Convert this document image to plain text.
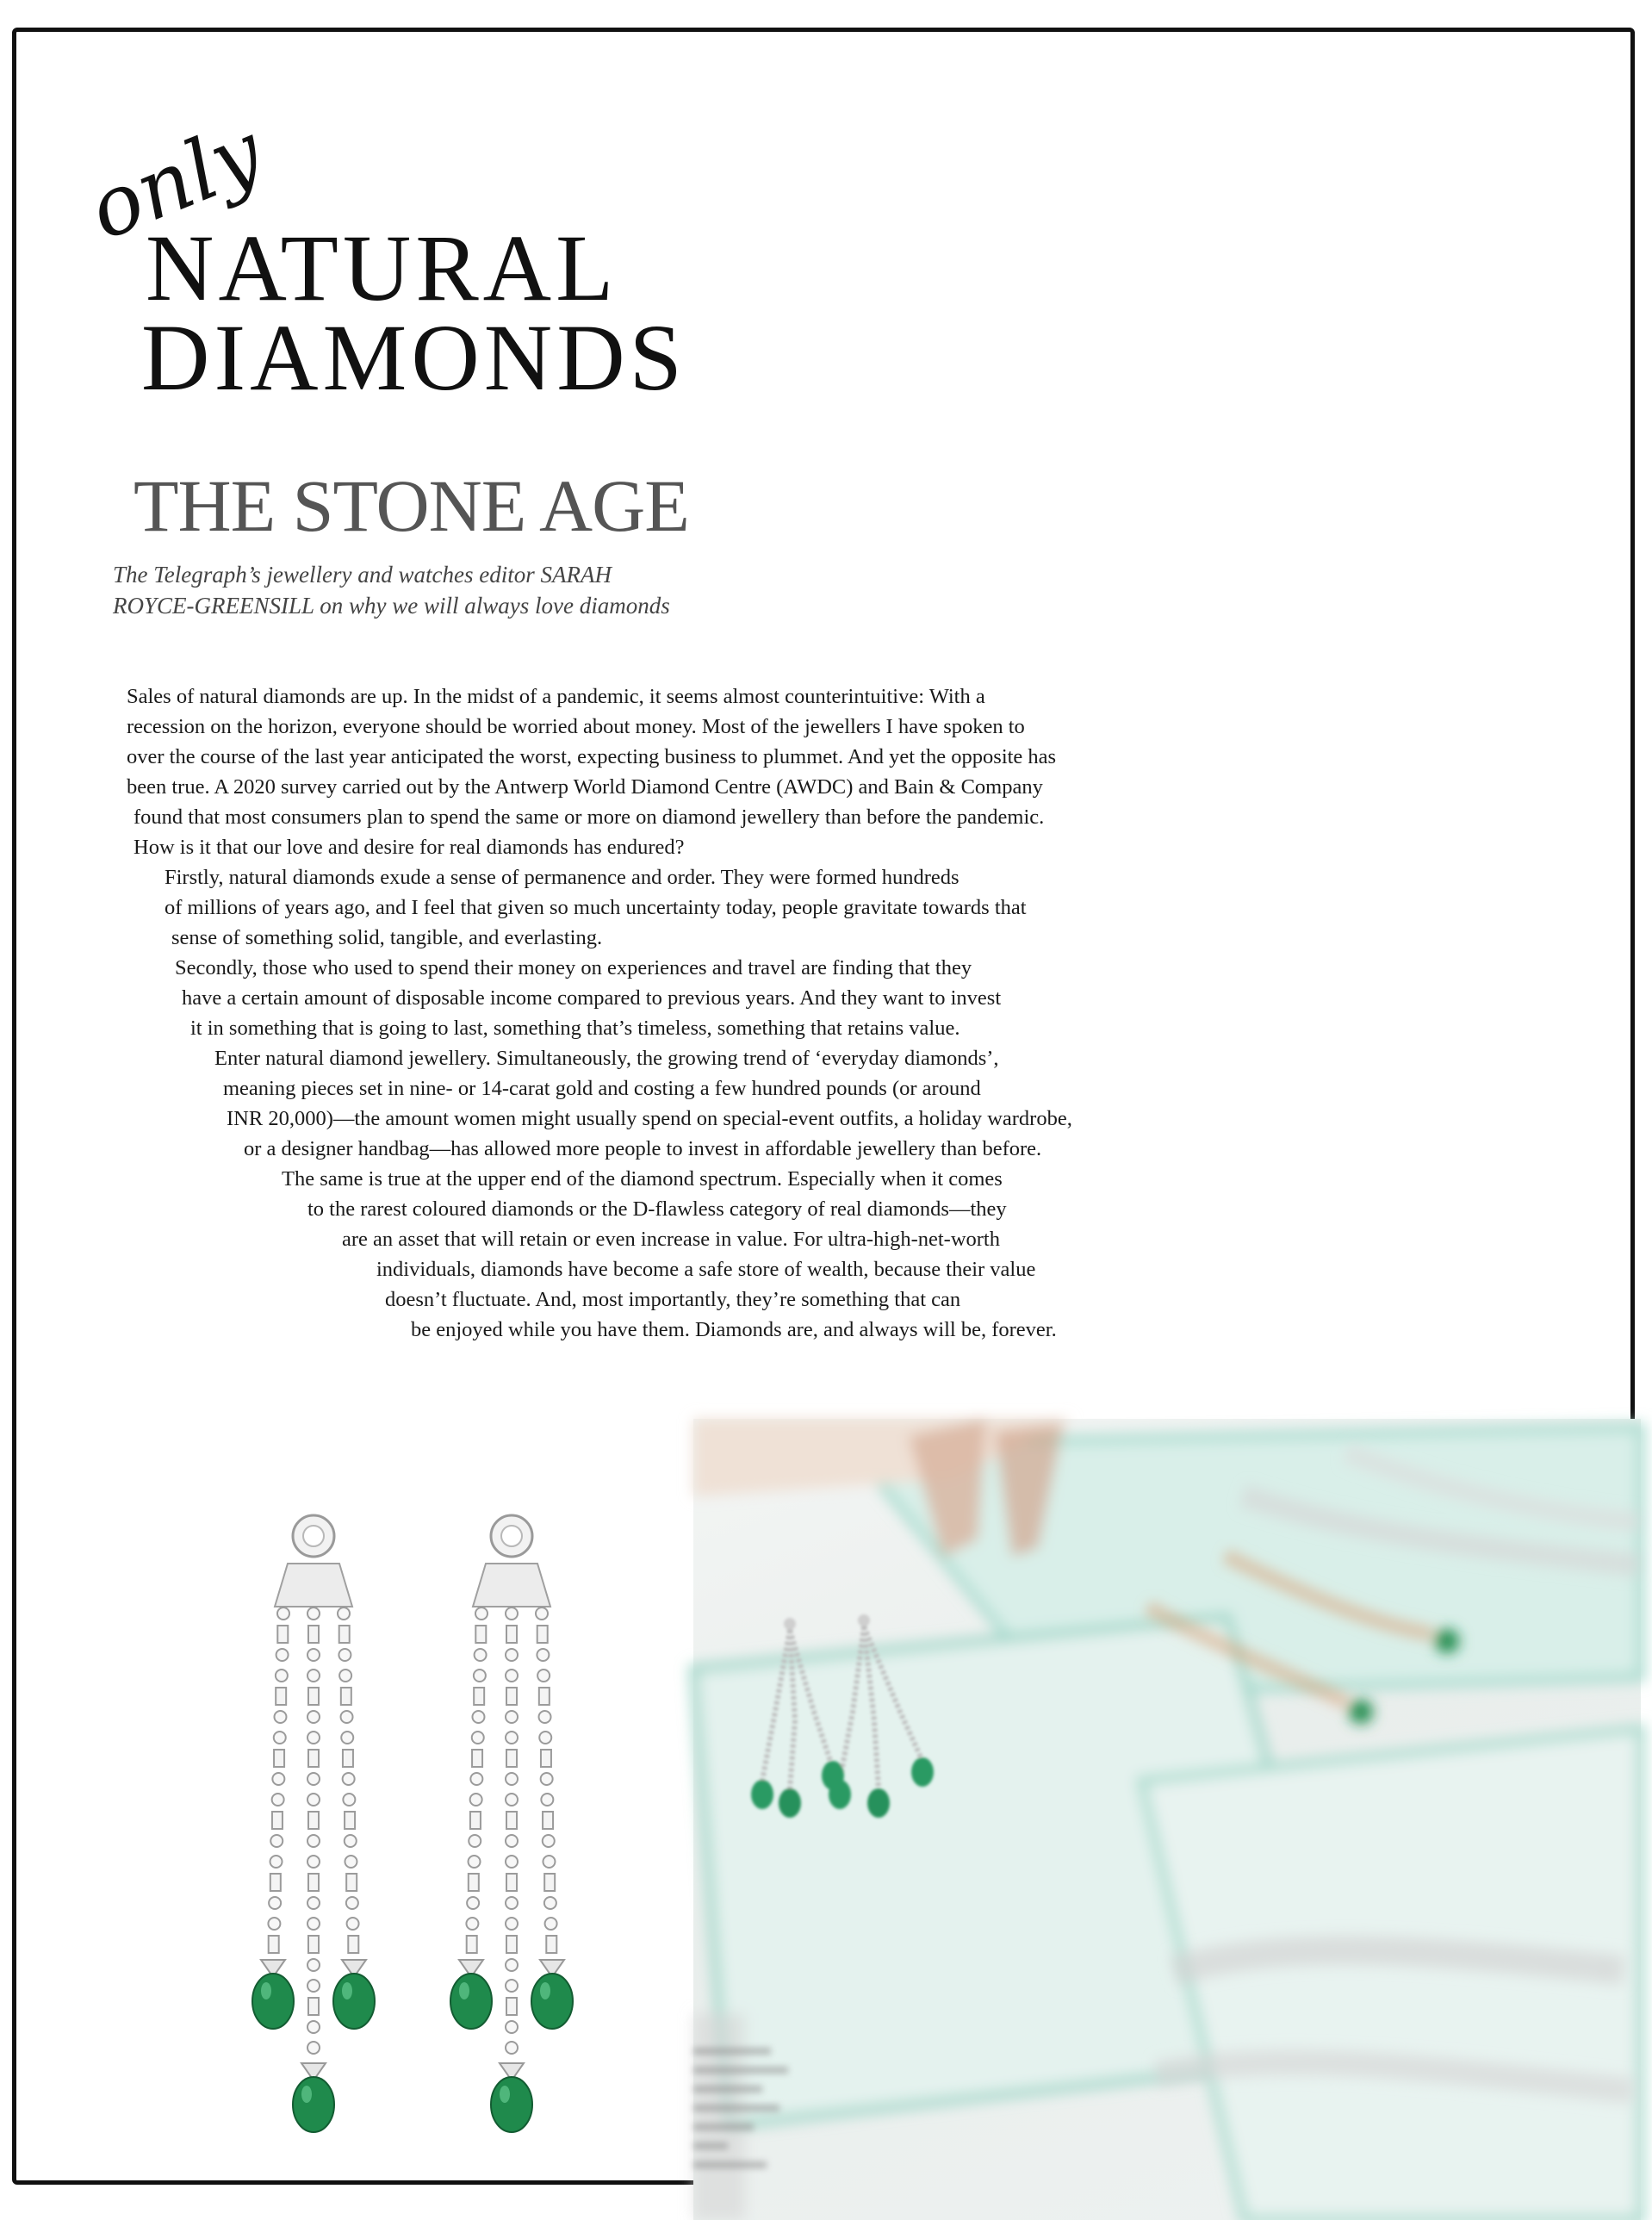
only
NATURAL
DIAMONDS
THE STONE AGE
The Telegraph’s jewellery and watches editor SARAH
ROYCE-GREENSILL on why we will always love diamonds
Sales of natural diamonds are up. In the midst of a pandemic, it seems almost counterintuitive: With a
recession on the horizon, everyone should be worried about money. Most of the jewellers I have spoken to
over the course of the last year anticipated the worst, expecting business to plummet. And yet the opposite has
been true. A 2020 survey carried out by the Antwerp World Diamond Centre (AWDC) and Bain & Company
found that most consumers plan to spend the same or more on diamond jewellery than before the pandemic.
How is it that our love and desire for real diamonds has endured?
Firstly, natural diamonds exude a sense of permanence and order. They were formed hundreds
of millions of years ago, and I feel that given so much uncertainty today, people gravitate towards that
sense of something solid, tangible, and everlasting.
Secondly, those who used to spend their money on experiences and travel are finding that they
have a certain amount of disposable income compared to previous years. And they want to invest
it in something that is going to last, something that’s timeless, something that retains value.
Enter natural diamond jewellery. Simultaneously, the growing trend of ‘everyday diamonds’,
meaning pieces set in nine- or 14-carat gold and costing a few hundred pounds (or around
INR 20,000)—the amount women might usually spend on special-event outfits, a holiday wardrobe,
or a designer handbag—has allowed more people to invest in affordable jewellery than before.
The same is true at the upper end of the diamond spectrum. Especially when it comes
to the rarest coloured diamonds or the D-flawless category of real diamonds—they
are an asset that will retain or even increase in value. For ultra-high-net-worth
individuals, diamonds have become a safe store of wealth, because their value
doesn’t fluctuate. And, most importantly, they’re something that can
be enjoyed while you have them. Diamonds are, and always will be, forever.
